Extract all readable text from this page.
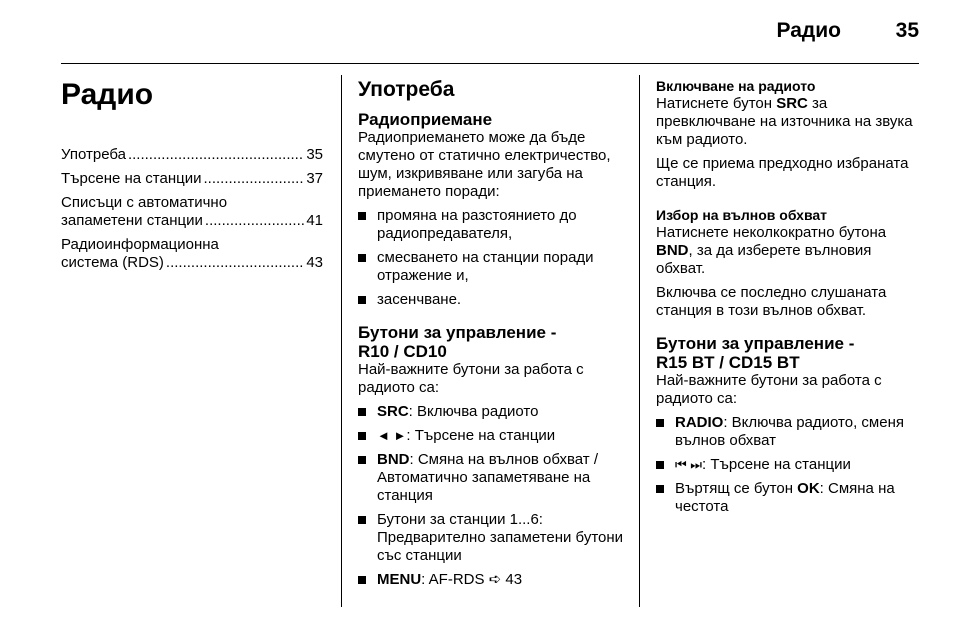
Радио	35
Радио
Употреба .....	35
Търсене на станции .....	37
Списъци с автоматично
запаметени станции .....	41
Радиоинформационна
система (RDS) .....	43
Употреба
Радиоприемане

Радиоприемането може да бъде смутено от статично електричество, шум, изкривяване или загуба на приемането поради:

промяна на разстоянието до радиопредавателя,
смесването на станции поради отражение и,
засенчване.
Бутони за управление -
R10 / CD10

Най-важните бутони за работа с радиото са:

SRC: Включва радиото
◄ ►: Търсене на станции
BND: Смяна на вълнов обхват / Автоматично запаметяване на станция
Бутони за станции 1...6: Предварително запаметени бутони със станции
MENU: AF-RDS ➪ 43
Включване на радиото

Натиснете бутон SRC за превключване на източника на звука към радиото.

Ще се приема предходно избраната станция.

Избор на вълнов обхват

Натиснете неколкократно бутона BND, за да изберете вълновия обхват.

Включва се последно слушаната станция в този вълнов обхват.

Бутони за управление -
R15 BT / CD15 BT

Най-важните бутони за работа с радиото са:

RADIO: Включва радиото, сменя вълнов обхват
⏮ ⏭: Търсене на станции
Въртящ се бутон OK: Смяна на честота
